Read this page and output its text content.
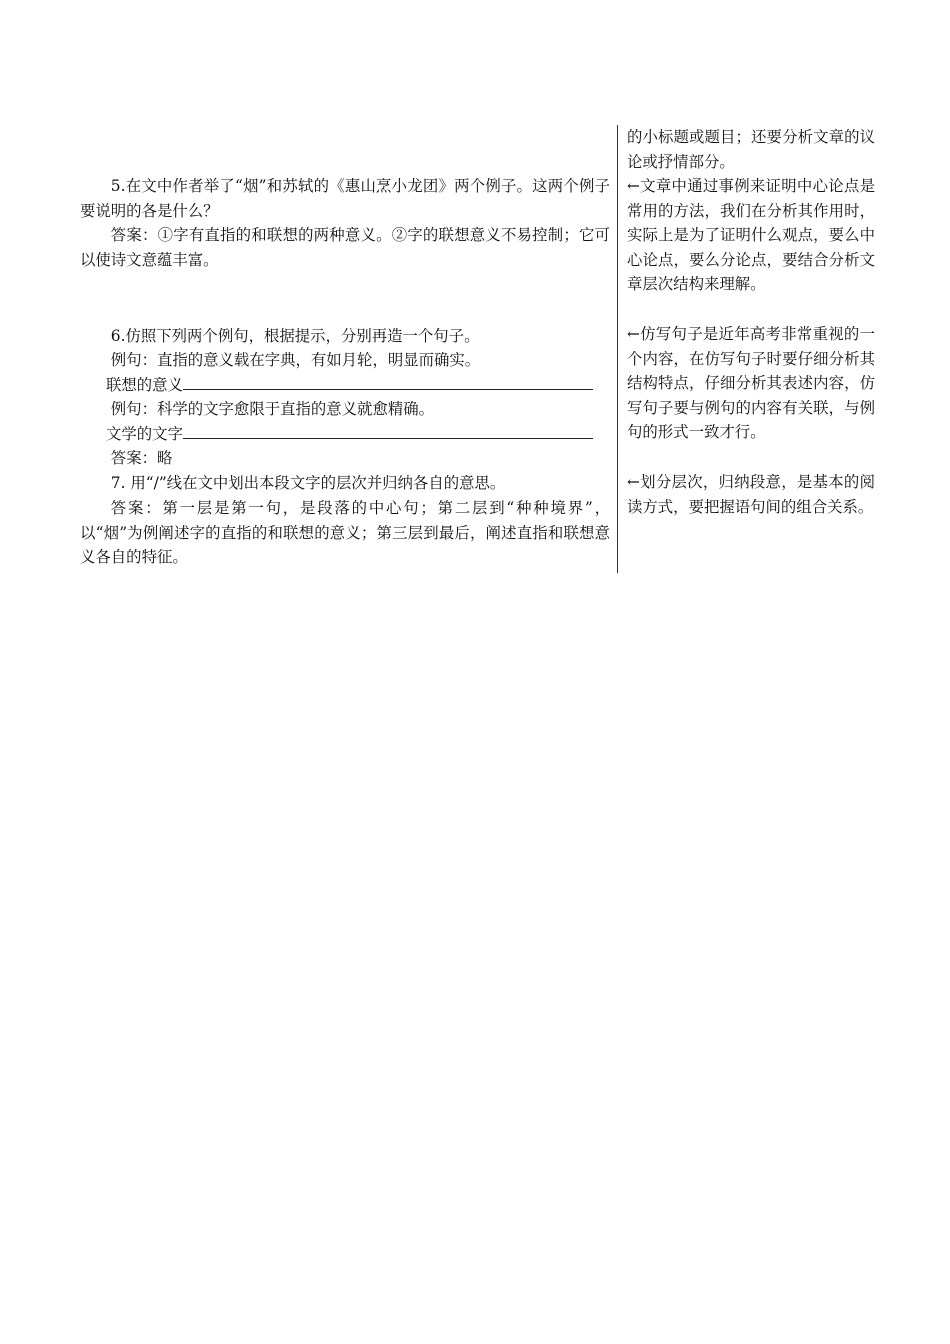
5.在文中作者举了“烟”和苏轼的《惠山烹小龙团》两个例子。这两个例子要说明的各是什么？
答案：①字有直指的和联想的两种意义。②字的联想意义不易控制；它可以使诗文意蕴丰富。
6.仿照下列两个例句，根据提示，分别再造一个句子。
例句：直指的意义载在字典，有如月轮，明显而确实。
联想的意义
例句：科学的文字愈限于直指的意义就愈精确。
文学的文字
答案：略
7. 用“/”线在文中划出本段文字的层次并归纳各自的意思。
答案：第一层是第一句，是段落的中心句；第二层到“种种境界”，以“烟”为例阐述字的直指的和联想的意义；第三层到最后，阐述直指和联想意义各自的特征。
的小标题或题目；还要分析文章的议论或抒情部分。
←文章中通过事例来证明中心论点是常用的方法，我们在分析其作用时，实际上是为了证明什么观点，要么中心论点，要么分论点，要结合分析文章层次结构来理解。
←仿写句子是近年高考非常重视的一个内容，在仿写句子时要仔细分析其结构特点，仔细分析其表述内容，仿写句子要与例句的内容有关联，与例句的形式一致才行。
←划分层次，归纳段意，是基本的阅读方式，要把握语句间的组合关系。
